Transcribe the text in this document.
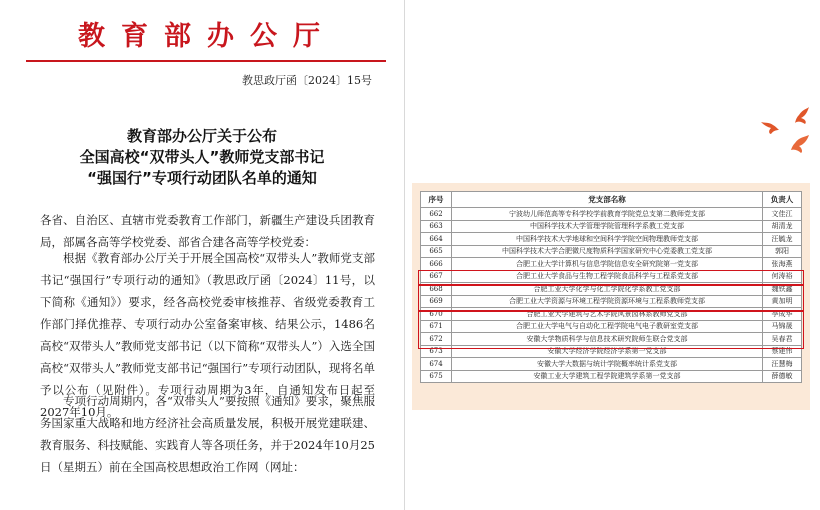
教育部办公厅
教思政厅函〔2024〕15号
教育部办公厅关于公布
全国高校“双带头人”教师党支部书记
“强国行”专项行动团队名单的通知
各省、自治区、直辖市党委教育工作部门，新疆生产建设兵团教育局，部属各高等学校党委、部省合建各高等学校党委：
根据《教育部办公厅关于开展全国高校“双带头人”教师党支部书记“强国行”专项行动的通知》（教思政厅函〔2024〕11号，以下简称《通知》）要求，经各高校党委审核推荐、省级党委教育工作部门择优推荐、专项行动办公室备案审核、结果公示，1486名高校“双带头人”教师党支部书记（以下简称“双带头人”）入选全国高校“双带头人”教师党支部书记“强国行”专项行动团队，现将名单予以公布（见附件）。专项行动周期为3年，自通知发布日起至2027年10月。
专项行动周期内，各“双带头人”要按照《通知》要求，聚焦服务国家重大战略和地方经济社会高质量发展，积极开展党建联建、教育服务、科技赋能、实践育人等各项任务，并于2024年10月25日（星期五）前在全国高校思想政治工作网（网址：
序号	党支部名称	负责人
662	宁波幼儿师范高等专科学校学前教育学院党总支第二教师党支部	文佳江
663	中国科学技术大学管理学院管理科学系教工党支部	胡清龙
664	中国科学技术大学地球和空间科学学院空间物理教师党支部	汪毓龙
665	中国科学技术大学合肥微尺度物质科学国家研究中心党委教工党支部	郭阳
666	合肥工业大学计算机与信息学院信息安全研究院第一党支部	张海燕
667	合肥工业大学食品与生物工程学院食品科学与工程系党支部	何涛裕
668	合肥工业大学化学与化工学院化学系教工党支部	魏铁鑫
669	合肥工业大学资源与环境工程学院资源环境与工程系教师党支部	黄加明
670	合肥工业大学建筑与艺术学院风景园林系教师党支部	李成华
671	合肥工业大学电气与自动化工程学院电气电子教研室党支部	马锦晟
672	安徽大学物质科学与信息技术研究院师生联合党支部	吴春君
673	安徽大学经济学院经济学系第一党支部	蔡建伟
674	安徽大学大数据与统计学院概率统计系党支部	汪慧梅
675	安徽工业大学建筑工程学院建筑学系第一党支部	薛德敏
